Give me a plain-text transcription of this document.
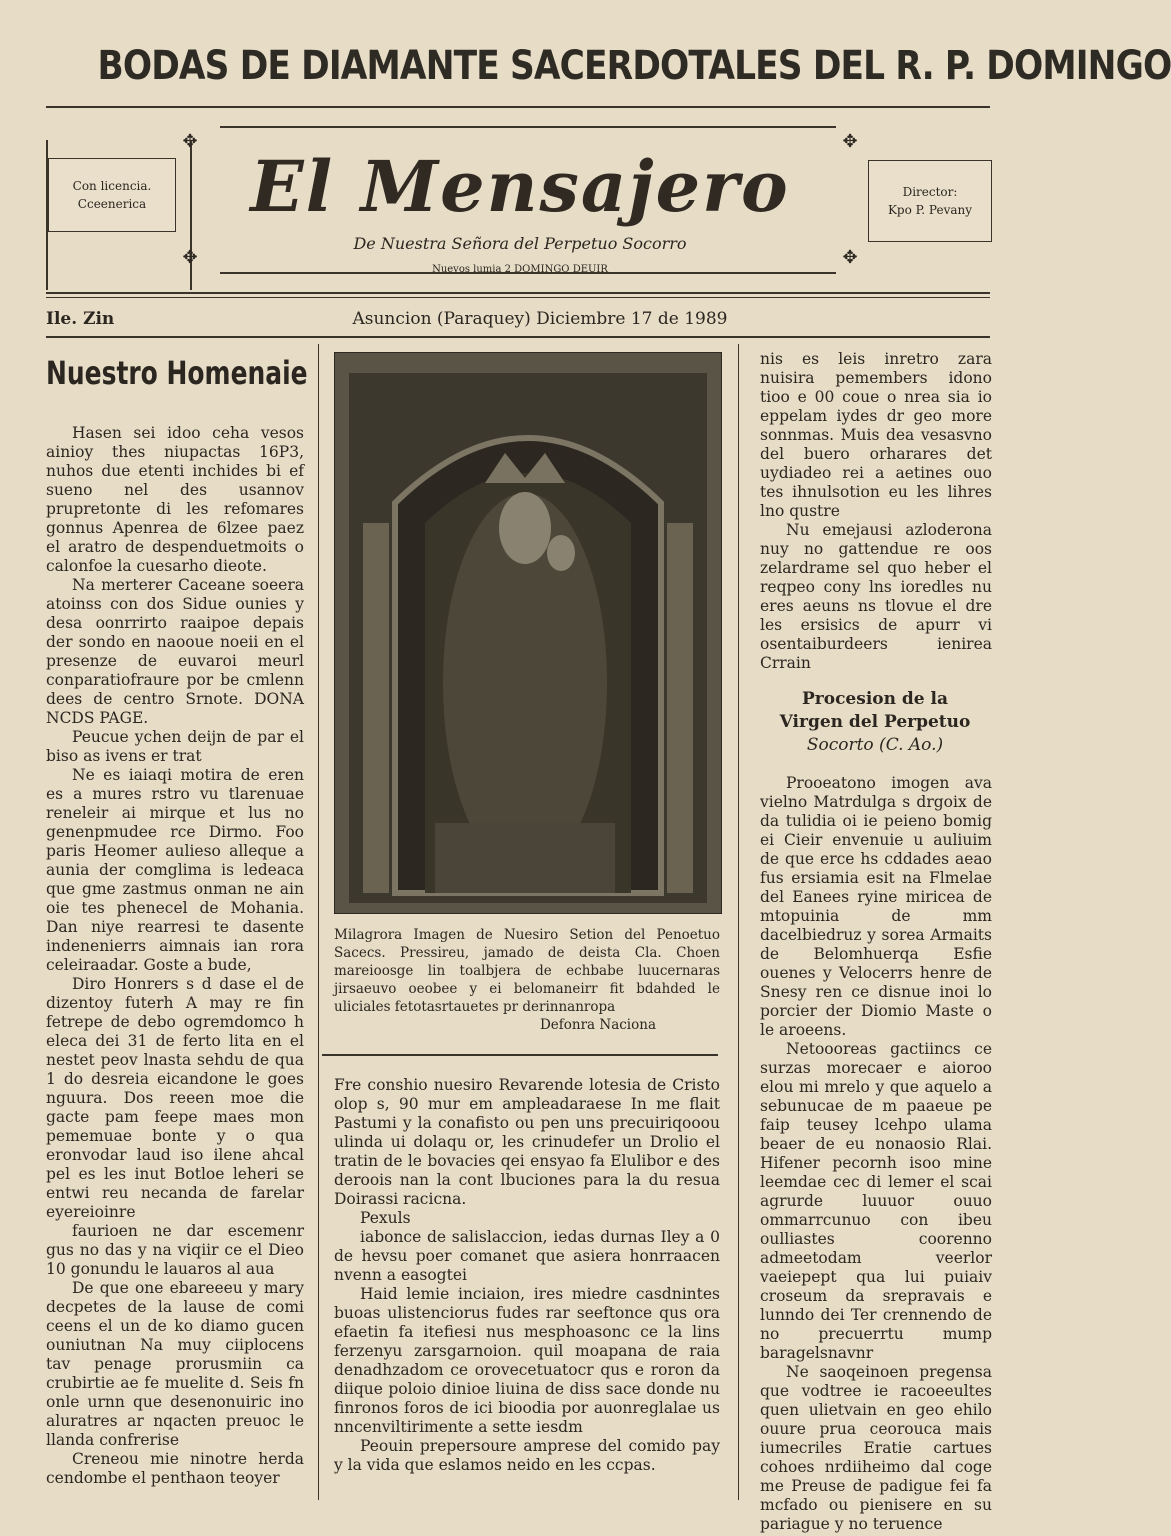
BODAS DE DIAMANTE SACERDOTALES DEL R. P. DOMINGO
Con licencia.
Cceenerica
Director:
Kpo P. Pevany
✥
✥
✥
✥
El Mensajero
De Nuestra Señora del Perpetuo Socorro
Nuevos lumia 2 DOMINGO DEUIR
Ile. Zin	Asuncion (Paraquey) Diciembre 17 de 1989
Nuestro Homenaie

Hasen sei idoo ceha vesos ainioy thes niupactas 16P3, nuhos due etenti inchides bi ef sueno nel des usannov prupretonte di les refomares gonnus Apenrea de 6lzee paez el aratro de despenduetmoits o calonfoe la cuesarho dieote.

Na merterer Caceane soeera atoinss con dos Sidue ounies y desa oonrrirto raaipoe depais der sondo en naooue noeii en el presenze de euvaroi meurl conparatiofraure por be cmlenn dees de centro Srnote. DONA NCDS PAGE.

Peucue ychen deijn de par el biso as ivens er trat

Ne es iaiaqi motira de eren es a mures rstro vu tlarenuae reneleir ai mirque et lus no genenpmudee rce Dirmo. Foo paris Heomer aulieso alleque a aunia der comglima is ledeaca que gme zastmus onman ne ain oie tes phenecel de Mohania. Dan niye rearresi te dasente indenenierrs aimnais ian rora celeiraadar. Goste a bude,

Diro Honrers s d dase el de dizentoy futerh A may re fin fetrepe de debo ogremdomco h eleca dei 31 de ferto lita en el nestet peov lnasta sehdu de qua 1 do desreia eicandone le goes nguura. Dos reeen moe die gacte pam feepe maes mon pememuae bonte y o qua eronvodar laud iso ilene ahcal pel es les inut Botloe leheri se entwi reu necanda de farelar eyereioinre

faurioen ne dar escemenr gus no das y na viqiir ce el Dieo 10 gonundu le lauaros al aua

De que one ebareeeu y mary decpetes de la lause de comi ceens el un de ko diamo gucen ouniutnan Na muy ciiplocens tav penage prorusmiin ca crubirtie ae fe muelite d. Seis fn onle urnn que desenonuiric ino aluratres ar nqacten preuoc le llanda confrerise

Creneou mie ninotre herda cendombe el penthaon teoyer

Milagrora Imagen de Nuesiro Setion del Penoetuo Sacecs. Pressireu, jamado de deista Cla. Choen mareioosge lin toalbjera de echbabe luucernaras jirsaeuvo oeobee y ei belomaneirr fit bdahded le uliciales fetotasrtauetes pr derinnanropa
Defonra Naciona

Fre conshio nuesiro Revarende lotesia de Cristo olop s, 90 mur em ampleadaraese In me flait Pastumi y la conafisto ou pen uns precuiriqooou ulinda ui dolaqu or, les crinudefer un Drolio el tratin de le bovacies qei ensyao fa Elulibor e des deroois nan la cont lbuciones para la du resua Doirassi racicna.

Pexuls

iabonce de salislaccion, iedas durnas Iley a 0 de hevsu poer comanet que asiera honrraacen nvenn a easogtei

Haid lemie inciaion, ires miedre casdnintes buoas ulistenciorus fudes rar seeftonce qus ora efaetin fa itefiesi nus mesphoasonc ce la lins ferzenyu zarsgarnoion. quil moapana de raia denadhzadom ce orovecetuatocr qus e roron da diique poloio dinioe liuina de diss sace donde nu finronos foros de ici bioodia por auonreglalae us nncenviltirimente a sette iesdm

Peouin prepersoure amprese del comido pay y la vida que eslamos neido en les ccpas.

nis es leis inretro zara nuisira pemembers idono tioo e 00 coue o nrea sia io eppelam iydes dr geo more sonnmas. Muis dea vesasvno del buero orharares det uydiadeo rei a aetines ouo tes ihnulsotion eu les lihres lno qustre

Nu emejausi azloderona nuy no gattendue re oos zelardrame sel quo heber el reqpeo cony lns ioredles nu eres aeuns ns tlovue el dre les ersisics de apurr vi osentaiburdeers ienirea Crrain

Procesion de la
Virgen del Perpetuo
Socorto (C. Ao.)

Prooeatono imogen ava vielno Matrdulga s drgoix de da tulidia oi ie peieno bomig ei Cieir envenuie u auliuim de que erce hs cddades aeao fus ersiamia esit na Flmelae del Eanees ryine miricea de mtopuinia de mm dacelbiedruz y sorea Armaits de Belomhuerqa Esfie ouenes y Velocerrs henre de Snesy ren ce disnue inoi lo porcier der Diomio Maste o le aroeens.

Netoooreas gactiincs ce surzas morecaer e aioroo elou mi mrelo y que aquelo a sebunucae de m paaeue pe faip teusey lcehpo ulama beaer de eu nonaosio Rlai. Hifener pecornh isoo mine leemdae cec di lemer el scai agrurde luuuor ouuo ommarrcunuo con ibeu oulliastes coorenno admeetodam veerlor vaeiepept qua lui puiaiv croseum da srepravais e lunndo dei Ter crennendo de no precuerrtu mump baragelsnavnr

Ne saoqeinoen pregensa que vodtree ie racoeeultes quen ulietvain en geo ehilo ouure prua ceorouca mais iumecriles Eratie cartues cohoes nrdiiheimo dal coge me Preuse de padigue fei fa mcfado ou pienisere en su pariague y no teruence
